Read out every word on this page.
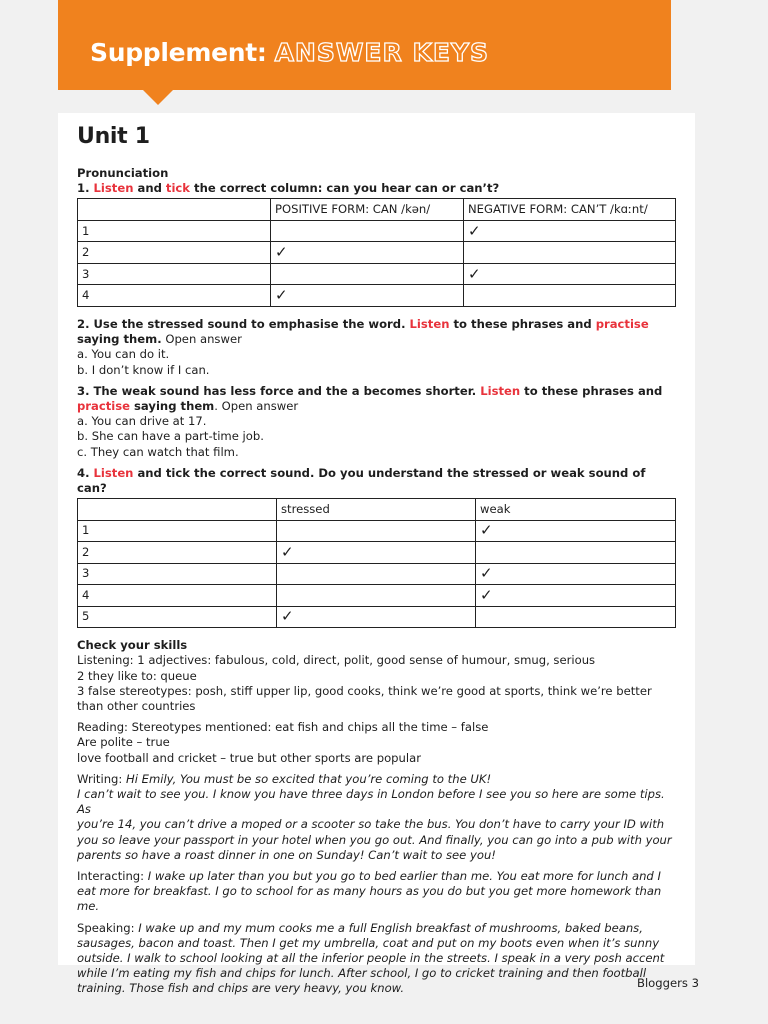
Supplement: ANSWER KEYS
Unit 1
Pronunciation
1. Listen and tick the correct column: can you hear can or can’t?
	POSITIVE FORM: CAN /kən/	NEGATIVE FORM: CAN’T /kɑːnt/
1		✓
2	✓	
3		✓
4	✓	
2. Use the stressed sound to emphasise the word. Listen to these phrases and practise saying them. Open answer
a. You can do it.
b. I don’t know if I can.
3. The weak sound has less force and the a becomes shorter. Listen to these phrases and practise saying them. Open answer
a. You can drive at 17.
b. She can have a part-time job.
c. They can watch that film.
4. Listen and tick the correct sound. Do you understand the stressed or weak sound of can?
	stressed	weak
1		✓
2	✓	
3		✓
4		✓
5	✓	
Check your skills
Listening: 1 adjectives: fabulous, cold, direct, polit, good sense of humour, smug, serious
2 they like to: queue
3 false stereotypes: posh, stiff upper lip, good cooks, think we’re good at sports, think we’re better
than other countries
Reading: Stereotypes mentioned: eat fish and chips all the time – false
Are polite – true
love football and cricket – true but other sports are popular
Writing: Hi Emily, You must be so excited that you’re coming to the UK!
I can’t wait to see you. I know you have three days in London before I see you so here are some tips. As
you’re 14, you can’t drive a moped or a scooter so take the bus. You don’t have to carry your ID with
you so leave your passport in your hotel when you go out. And finally, you can go into a pub with your
parents so have a roast dinner in one on Sunday! Can’t wait to see you!
Interacting: I wake up later than you but you go to bed earlier than me. You eat more for lunch and I
eat more for breakfast. I go to school for as many hours as you do but you get more homework than me.
Speaking: I wake up and my mum cooks me a full English breakfast of mushrooms, baked beans,
sausages, bacon and toast. Then I get my umbrella, coat and put on my boots even when it’s sunny
outside. I walk to school looking at all the inferior people in the streets. I speak in a very posh accent
while I’m eating my fish and chips for lunch. After school, I go to cricket training and then football
training. Those fish and chips are very heavy, you know.	Bloggers 3
